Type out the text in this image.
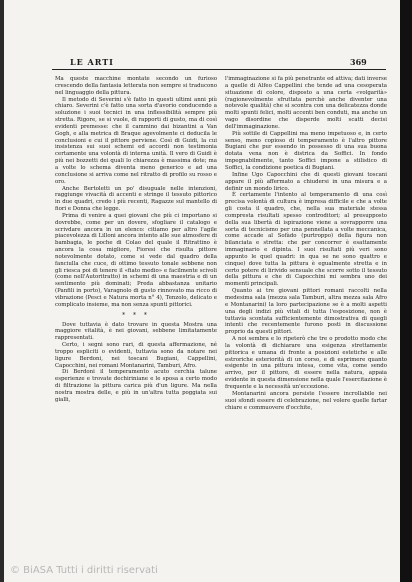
LE ARTI	369

Ma queste macchine montate secondo un furioso crescendo della fantasia letterata non sempre si traducono nel linguaggio della pittura.

Il metodo di Severini s'è fatto in questi ultimi anni più chiaro. Severini c'è fatto una sorta d'avorio conducendo a soluzione i suoi tecnici in una inflessibilità sempre più stretta. Rigore, se si vuole, di rapporti di gusto, ma di così evidenti premesse: che il cammino dai bizantini a Van Gogh, e alla metrica di Braque agevolmente ci deducila le conclusioni e cui il pittore perviene. Così di Guidi, la cui insistenza sui suoi schemi ed accordi non testimonia certamente una volontà di interna unità. Il vero di Guidi è più nei bozzetti dei quali lo chiarezza è massima dote; ma a volte lo schema diventa meno generico e ad una conclusione si arriva come nel ritratto di profilo su rosso e oro.

Anche Bertoletti un po' disuguale nelle intenzioni, raggiunge vivacità di accenti e stringe il tessuto pittorico in due quadri, credo i più recenti, Ragazze sul mantello di fiori e Donna che legge.

Prima di venire a quei giovani che più ci importano si dovrebbe, come per un dovere, sfogliare il catalogo e scrivdare ancora in un elenco: citiamo per altro l'agile piacevolezza di Lilloni ancora intento alle sue atmosfere di bambagia, le poche di Colao del quale il Ritrattino è ancora la cosa migliore, Fioresi che risulta pittore notevolmente dotato, come si vede dal quadro della fanciulla che cuce, di ottimo tessuto tonale sebbene non gli riesca poi di tenere il «fiato medio» e facilmente scivoli (come nell'Autoritratto) in schemi di una maestria e di un sentimento più dominati; Preda abbastanza unitario (Panfili in porto), Varagnolo di gusto rinnovato ma ricco di vibrazione (Pesci e Natura morta n° 4), Tenzolo, delicato e complicato insieme, ma non senza spunti pittorici.

* * *

Dove tuttavia è dato trovare in questa Mostra una maggiore vitalità, è nei giovani, sebbene limitatamente rappresentati.

Certo, i segni sono rari, di questa affermazione, né troppo espliciti o evidenti, tuttavia sono da notare nei ligure Berdoni, nei toscani Bugiani, Cappellini, Capocchini, nei romani Montanarini, Tamburi, Afro.

Di Berdoni il temperamento acuto cerchia talune esperienze e trovate dechiriniane e le sposa a certo modo di filtrazione la pittura carica più d'un ligure. Ma nella nostra mostra delle, e più in un'altra tutta poggiata sui gialli,

l'immaginazione si fa più penetrante ed attiva; dati inverse a quelle di Alfeo Cappellini che tende ad una cesoperata situazione di colore, disposto a una certa «volgarità» (ragionevolmente sfruttata perchè anche diventer una notevole qualità) che si scontra con una delicatezza donde molti spunti felici, molti accenti ben conduti, ma anche un vago disordine che disperde molti scatti decisi dell'immaginazione.

Più sottile di Cappellini ma meno impetuoso e, in certo senso, meno copioso di temperamento è l'altro pittore Bugiani che pur essendo in possesso di una sua buona dotata vena non è districa da Soffici. In fondo impegnabilmente, tanto Soffici impone a stilistico di Soffici, la condizione poetica di Bugiani.

Infine Ugo Capocchini che di questi giovani toscani appare il più affermato a chiudersi in una misura e a definir un mondo lirico.

È certamente l'intento al temperamento di una così precisa volontà di cultura è impresa difficile e che a volte gli costa il quadro, che, nella sua materiale stessa compresta risultati spesso controditori; al presupposto della sua libertà di ispirazione viene a sovrapporre una sorta di tecnicismo per una pennellata a volte meccanica, come accade al Sofàdo (purtroppo) della figura non bilanciata e stretta: che per concorrer è esattamente immaginario e dipinta. I suoi risultati più veri sono appunto le quel quadri: in qua se ne sono quattro e cinque) dove tutta la pittura è egualmente stretta e in certo potere di lirivido sensuale che scorre sotto il tessuto della pittura e che di Capocchini mi sembra uno dei momenti principali.

Quanto ai tre giovani pittori romani raccolti nella medesima sala (mezza sala Tamburi, altra mezza sala Afro e Montanarini) la loro partecipazione se è a molti aspetti una degli indizi più vitali di tutta l'esposizione, non è tuttavia scontata sufficientemente dimostrativa di quegli intenti che recentemente furono posti in discussione proprio da questi pittori.

A noi sembra e lo ripeterò che tre o prodotto modo che la volontà di dichiarare una esigenza strettamente pittorica e umana di fronte a posizioni estetiche e alle estroriche esteriorità di un corso, e di esprimere quanto esigente in una pittura intesa, come vita, come sendo arrivo, per il pittore, di essere nella natura, appaia evidente in questa dimensione nella quale l'esercitazione è frequente e la necessità un'eccezione.

Montanarini ancora persiste l'essere incrollabile nei suoi sfondi essere di celebrazione, nel volere quelle fartar chiare e commuovere d'occhite,

© BiASA Tutti i diritti riservati
